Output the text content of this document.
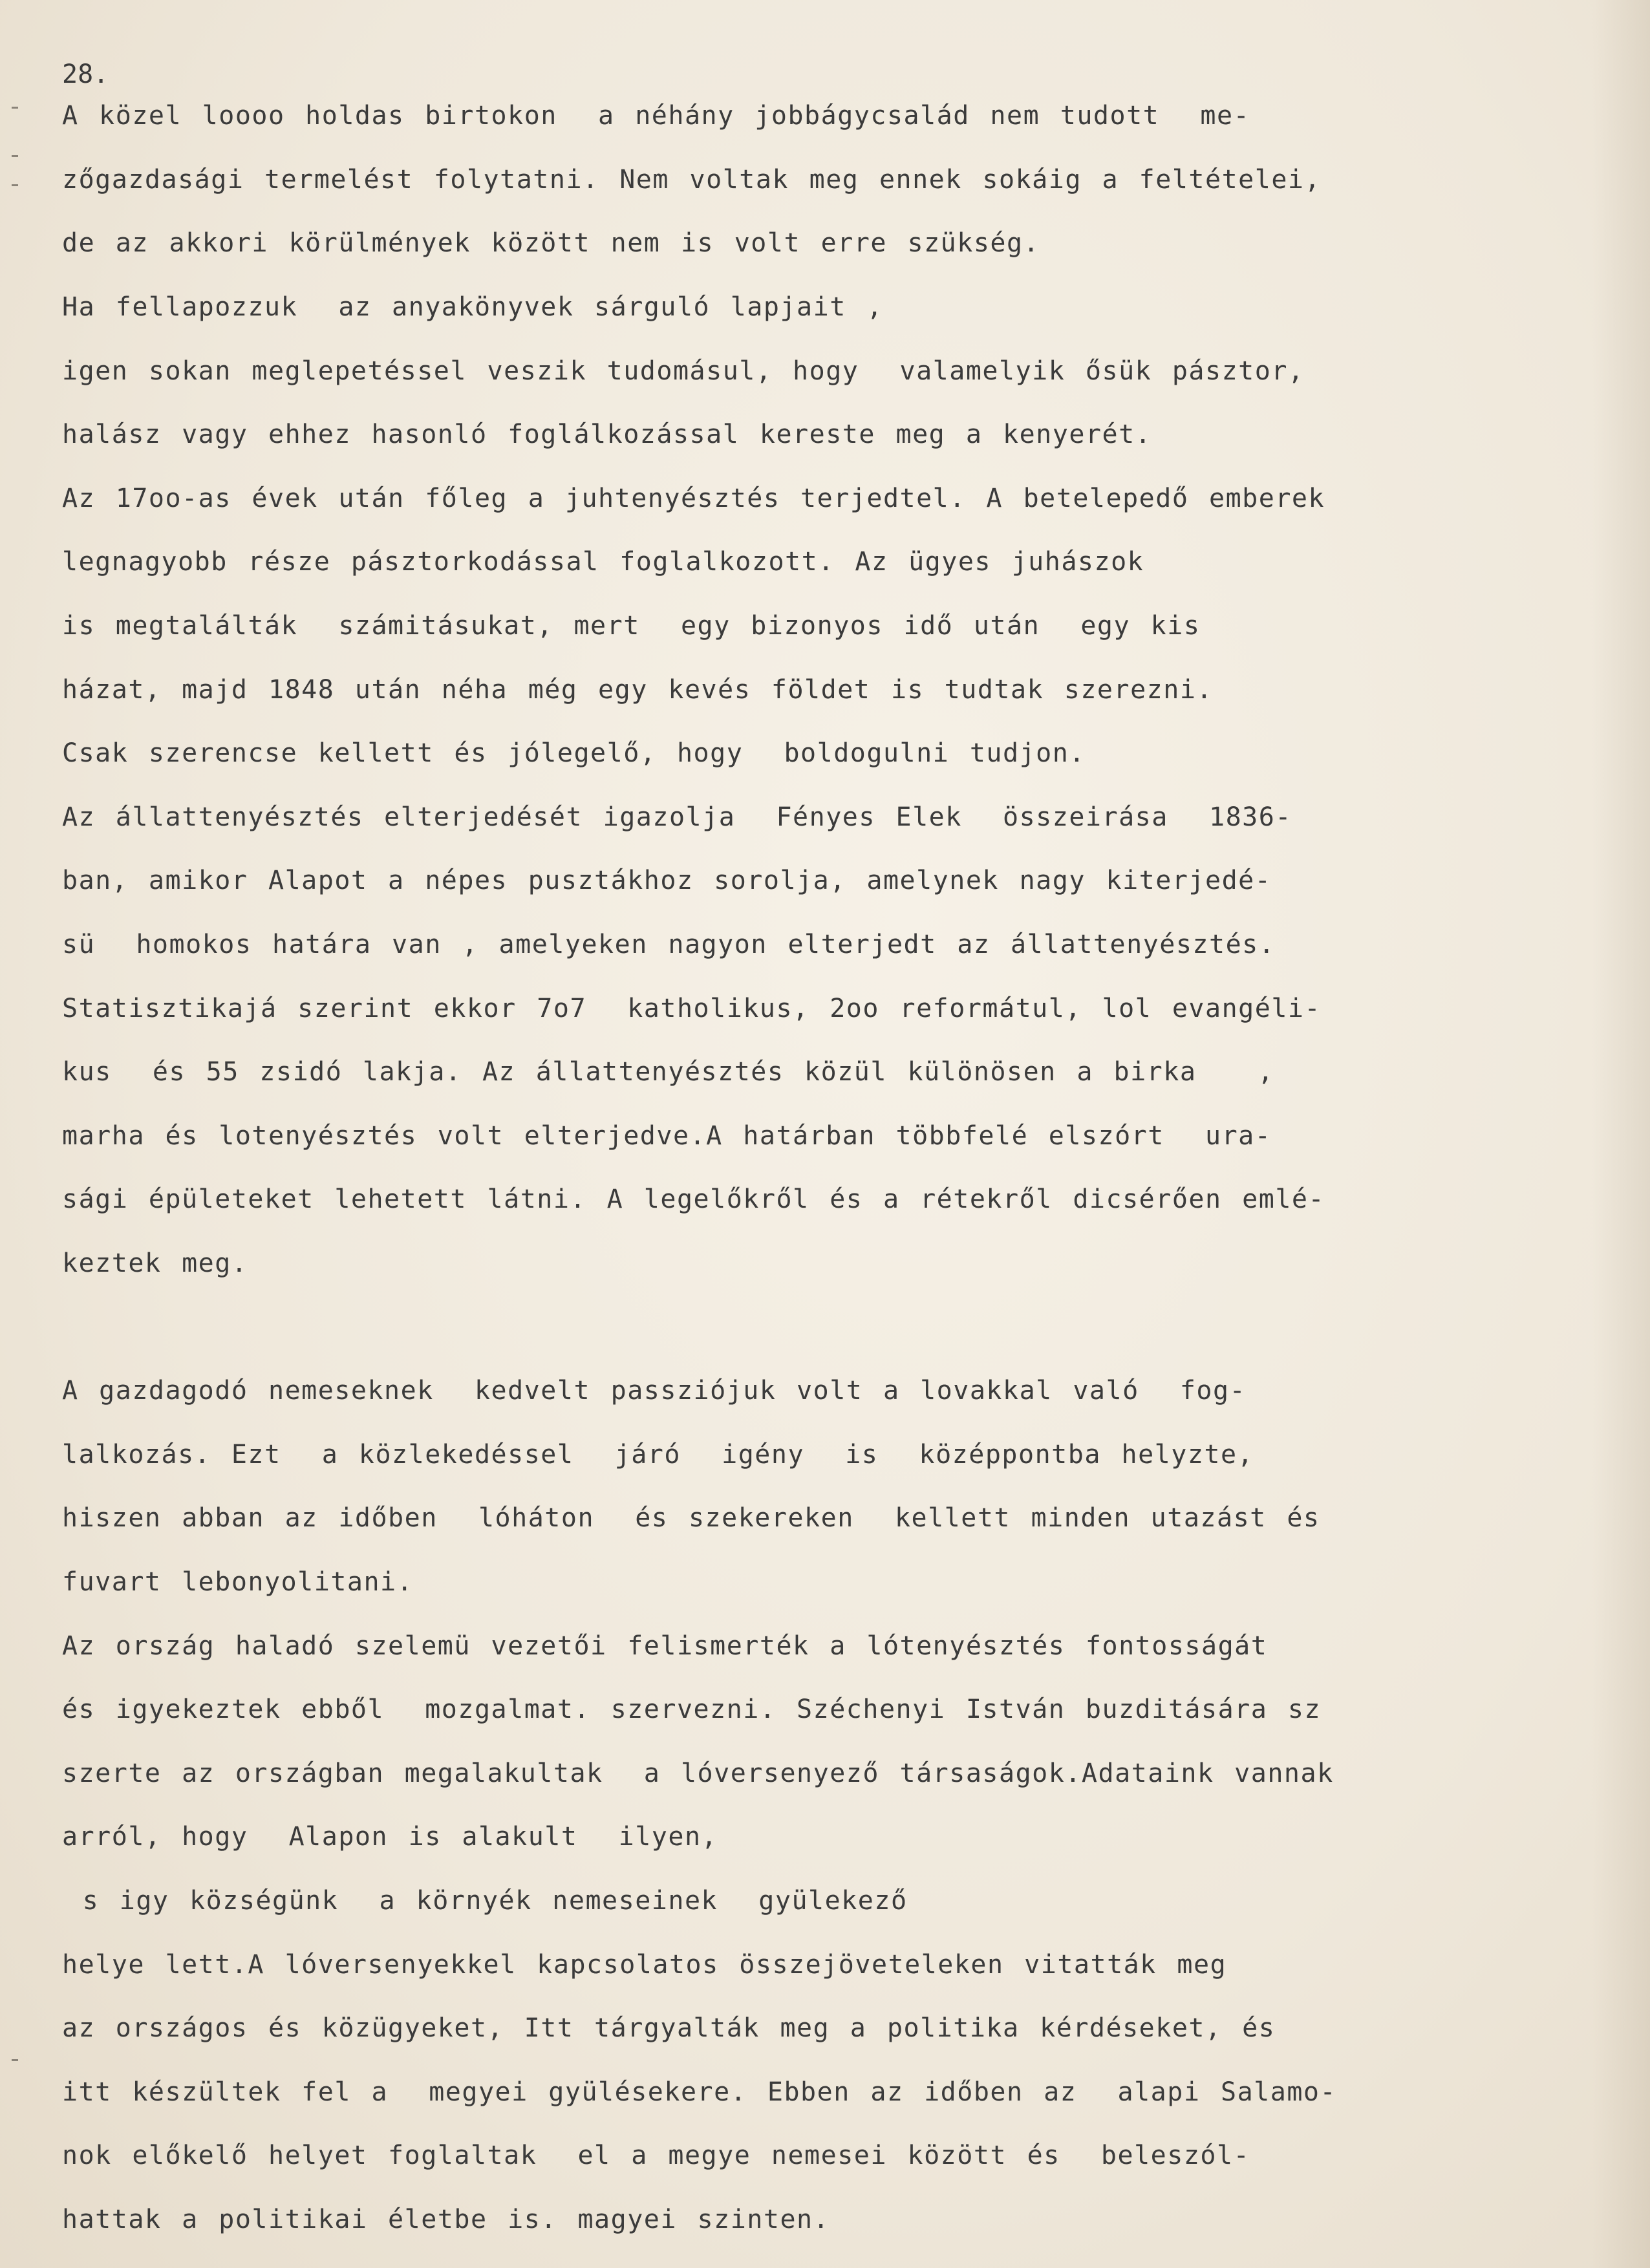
28.
A közel loooo holdas birtokon  a néhány jobbágycsalád nem tudott  me-
zőgazdasági termelést folytatni. Nem voltak meg ennek sokáig a feltételei,
de az akkori körülmények között nem is volt erre szükség.
Ha fellapozzuk  az anyakönyvek sárguló lapjait ,
igen sokan meglepetéssel veszik tudomásul, hogy  valamelyik ősük pásztor,
halász vagy ehhez hasonló foglálkozással kereste meg a kenyerét.
Az 17oo-as évek után főleg a juhtenyésztés terjedtel. A betelepedő emberek
legnagyobb része pásztorkodással foglalkozott. Az ügyes juhászok
is megtalálták  számitásukat, mert  egy bizonyos idő után  egy kis
házat, majd 1848 után néha még egy kevés földet is tudtak szerezni.
Csak szerencse kellett és jólegelő, hogy  boldogulni tudjon.
Az állattenyésztés elterjedését igazolja  Fényes Elek  összeirása  1836-
ban, amikor Alapot a népes pusztákhoz sorolja, amelynek nagy kiterjedé-
sü  homokos határa van , amelyeken nagyon elterjedt az állattenyésztés.
Statisztikajá szerint ekkor 7o7  katholikus, 2oo reformátul, lol evangéli-
kus  és 55 zsidó lakja. Az állattenyésztés közül különösen a birka   ,
marha és lotenyésztés volt elterjedve.A határban többfelé elszórt  ura-
sági épületeket lehetett látni. A legelőkről és a rétekről dicsérően emlé-
keztek meg.
A gazdagodó nemeseknek  kedvelt passziójuk volt a lovakkal való  fog-
lalkozás. Ezt  a közlekedéssel  járó  igény  is  középpontba helyzte,
hiszen abban az időben  lóháton  és szekereken  kellett minden utazást és
fuvart lebonyolitani.
Az ország haladó szelemü vezetői felismerték a lótenyésztés fontosságát
és igyekeztek ebből  mozgalmat. szervezni. Széchenyi István buzditására sz
szerte az országban megalakultak  a lóversenyező társaságok.Adataink vannak
arról, hogy  Alapon is alakult  ilyen,
s igy községünk  a környék nemeseinek  gyülekező
helye lett.A lóversenyekkel kapcsolatos összejöveteleken vitatták meg
az országos és közügyeket, Itt tárgyalták meg a politika kérdéseket, és
itt készültek fel a  megyei gyülésekere. Ebben az időben az  alapi Salamo-
nok előkelő helyet foglaltak  el a megye nemesei között és  beleszól-
hattak a politikai életbe is. magyei szinten.
